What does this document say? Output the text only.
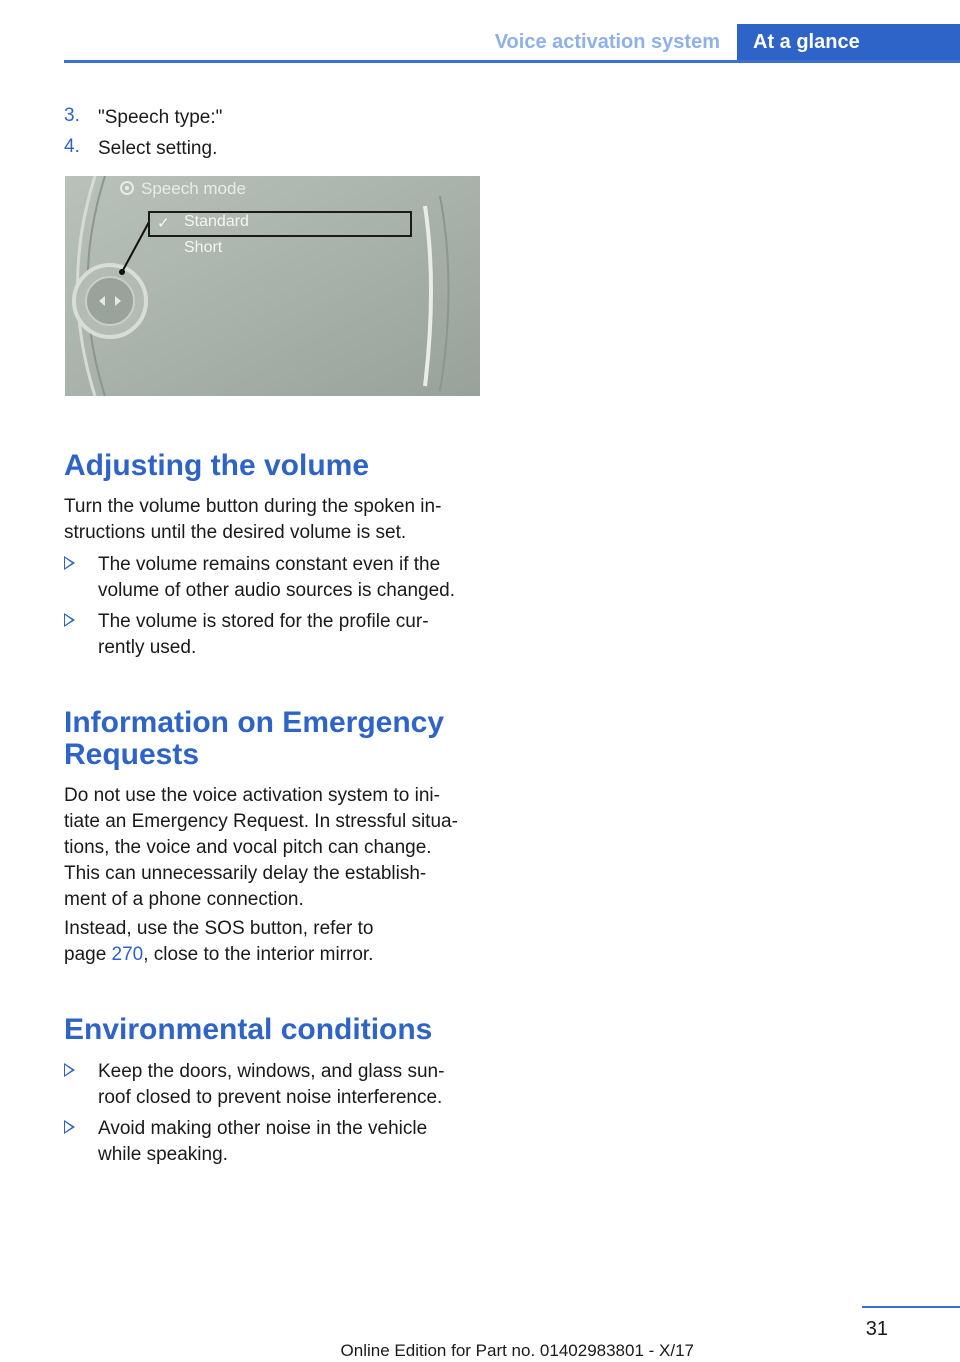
Voice activation system	At a glance
3. "Speech type:"
4. Select setting.
Speech mode
✓ Standard
Short
Adjusting the volume
Turn the volume button during the spoken in-
structions until the desired volume is set.
The volume remains constant even if the
volume of other audio sources is changed.
The volume is stored for the profile cur-
rently used.
Information on Emergency
Requests
Do not use the voice activation system to ini-
tiate an Emergency Request. In stressful situa-
tions, the voice and vocal pitch can change.
This can unnecessarily delay the establish-
ment of a phone connection.
Instead, use the SOS button, refer to
page 270, close to the interior mirror.
Environmental conditions
Keep the doors, windows, and glass sun-
roof closed to prevent noise interference.
Avoid making other noise in the vehicle
while speaking.
31
Online Edition for Part no. 01402983801 - X/17
